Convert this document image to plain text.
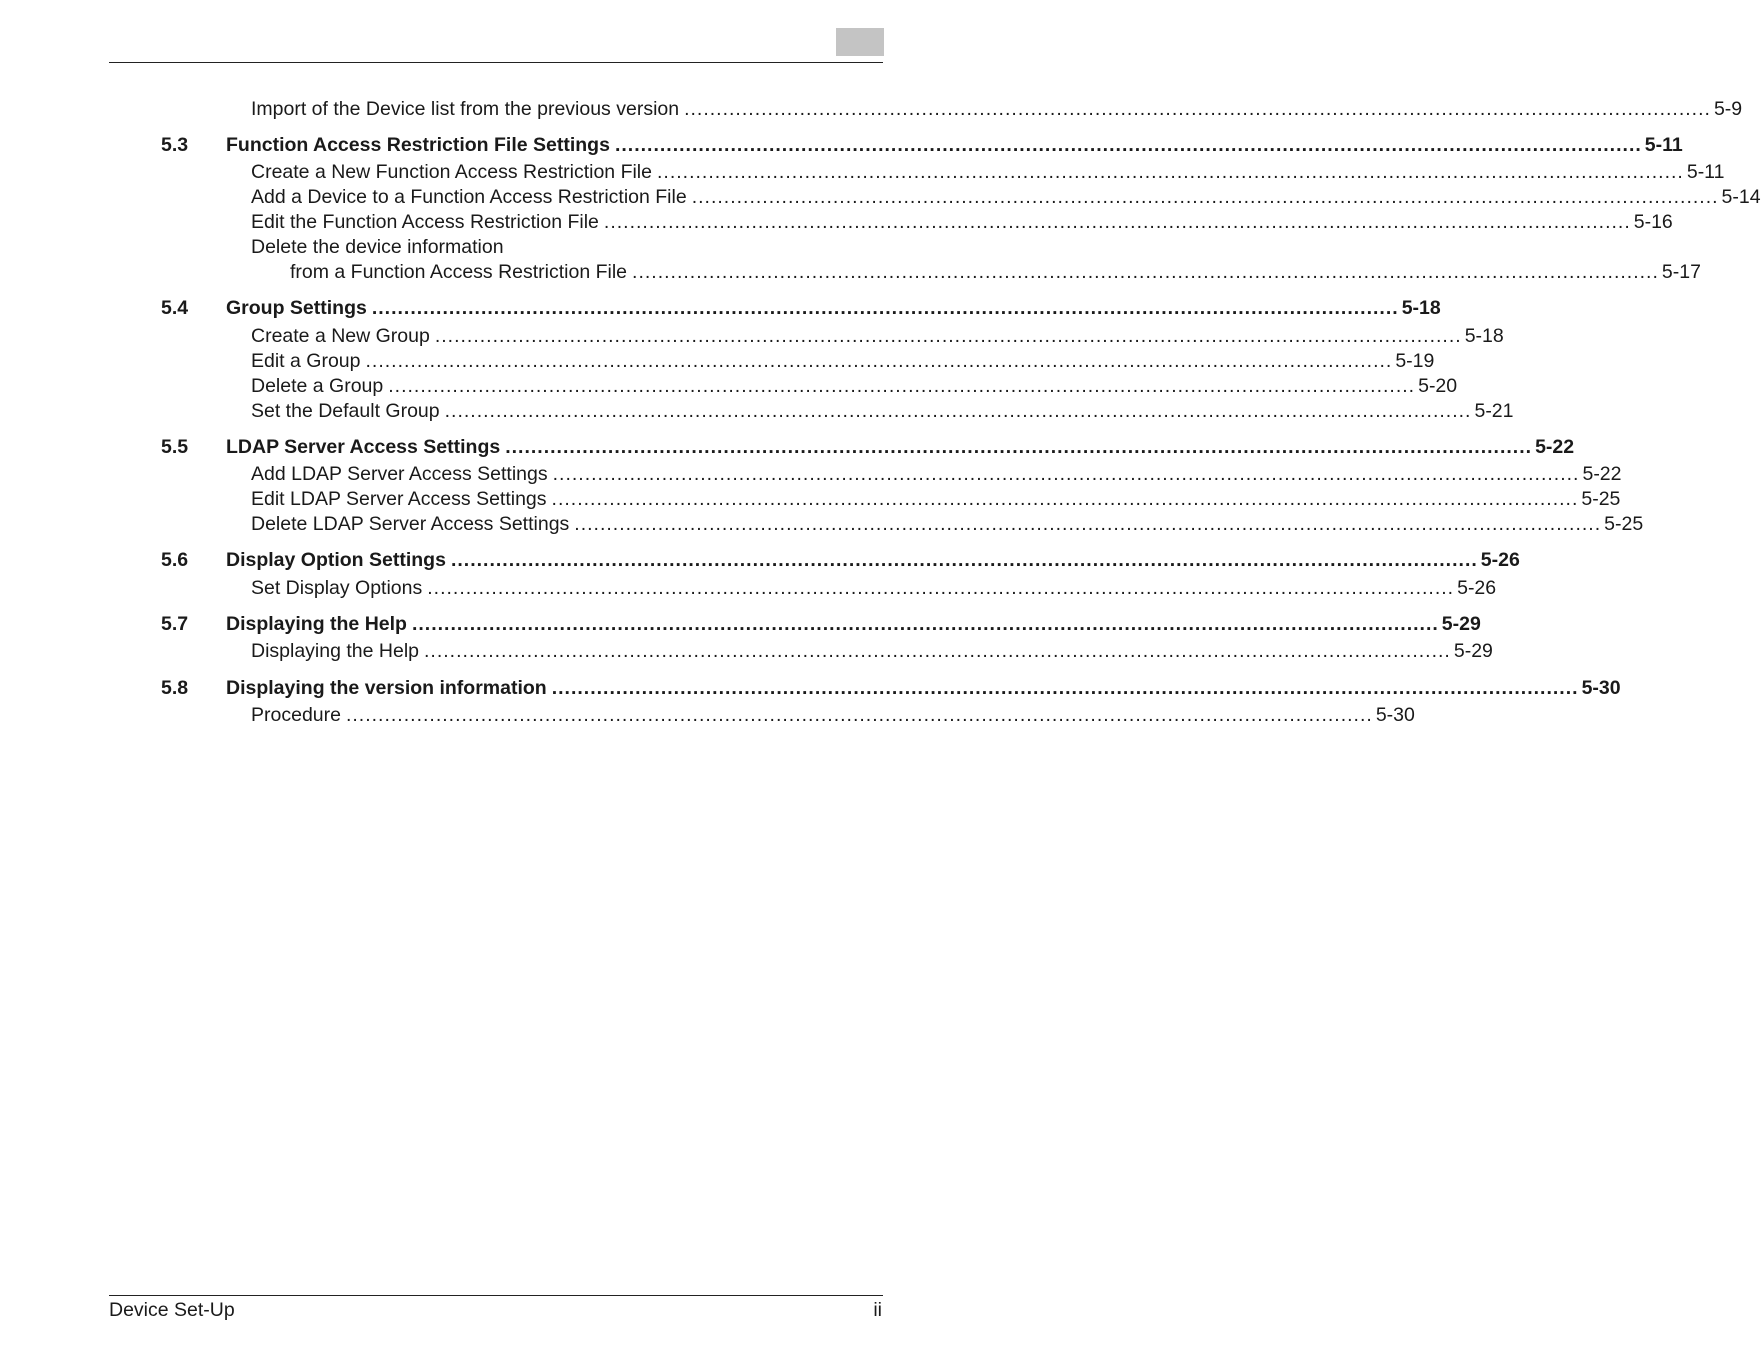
Import of the Device list from the previous version ................................................................................................................................................................ 5-9
5.3 Function Access Restriction File Settings ................................................................................................................................................................ 5-11
Create a New Function Access Restriction File ................................................................................................................................................................ 5-11
Add a Device to a Function Access Restriction File ................................................................................................................................................................ 5-14
Edit the Function Access Restriction File ................................................................................................................................................................ 5-16
Delete the device information
from a Function Access Restriction File ................................................................................................................................................................ 5-17
5.4 Group Settings ................................................................................................................................................................ 5-18
Create a New Group ................................................................................................................................................................ 5-18
Edit a Group ................................................................................................................................................................ 5-19
Delete a Group ................................................................................................................................................................ 5-20
Set the Default Group ................................................................................................................................................................ 5-21
5.5 LDAP Server Access Settings ................................................................................................................................................................ 5-22
Add LDAP Server Access Settings ................................................................................................................................................................ 5-22
Edit LDAP Server Access Settings ................................................................................................................................................................ 5-25
Delete LDAP Server Access Settings ................................................................................................................................................................ 5-25
5.6 Display Option Settings ................................................................................................................................................................ 5-26
Set Display Options ................................................................................................................................................................ 5-26
5.7 Displaying the Help ................................................................................................................................................................ 5-29
Displaying the Help ................................................................................................................................................................ 5-29
5.8 Displaying the version information ................................................................................................................................................................ 5-30
Procedure ................................................................................................................................................................ 5-30
Device Set-Up	ii
